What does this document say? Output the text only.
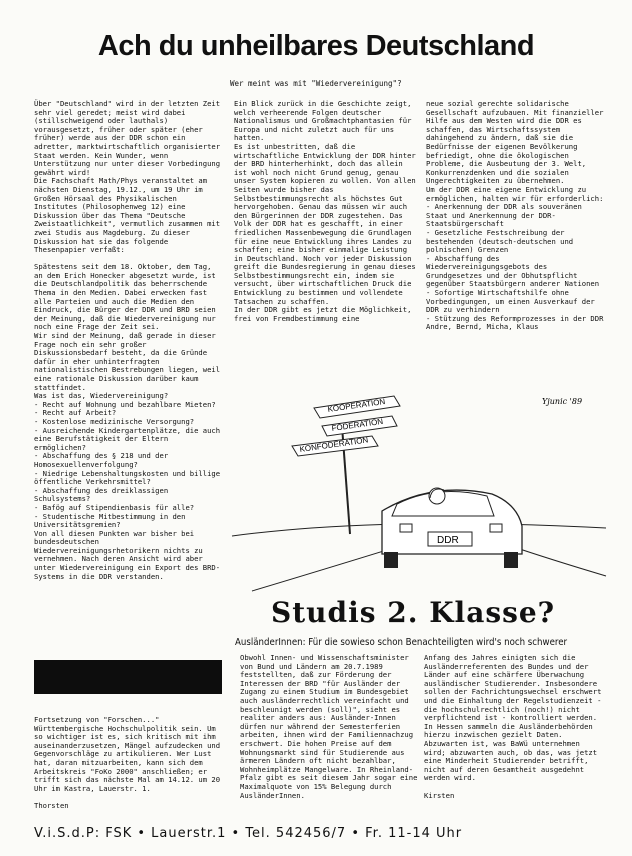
Ach du unheilbares Deutschland
Wer meint was mit "Wiedervereinigung"?
Über "Deutschland" wird in der letzten Zeit sehr viel geredet; meist wird dabei (stillschweigend oder lauthals) vorausgesetzt, früher oder später (eher früher) werde aus der DDR schon ein adretter, marktwirtschaftlich organisierter Staat werden. Kein Wunder, wenn Unterstützung nur unter dieser Vorbedingung gewährt wird!
Die Fachschaft Math/Phys veranstaltet am nächsten Dienstag, 19.12., um 19 Uhr im Großen Hörsaal des Physikalischen Institutes (Philosophenweg 12) eine Diskussion über das Thema "Deutsche Zweistaatlichkeit", vermutlich zusammen mit zwei Studis aus Magdeburg. Zu dieser Diskussion hat sie das folgende Thesenpapier verfaßt:

Spätestens seit dem 18. Oktober, dem Tag, an dem Erich Honecker abgesetzt wurde, ist die Deutschlandpolitik das beherrschende Thema in den Medien. Dabei erwecken fast alle Parteien und auch die Medien den Eindruck, die Bürger der DDR und BRD seien der Meinung, daß die Wiedervereinigung nur noch eine Frage der Zeit sei.
Wir sind der Meinung, daß gerade in dieser Frage noch ein sehr großer Diskussionsbedarf besteht, da die Gründe dafür in eher unhinterfragten nationalistischen Bestrebungen liegen, weil eine rationale Diskussion darüber kaum stattfindet.
Was ist das, Wiedervereinigung?
- Recht auf Wohnung und bezahlbare Mieten?
- Recht auf Arbeit?
- Kostenlose medizinische Versorgung?
- Ausreichende Kindergartenplätze, die auch eine Berufstätigkeit der Eltern ermöglichen?
- Abschaffung des § 218 und der Homosexuellenverfolgung?
- Niedrige Lebenshaltungskosten und billige öffentliche Verkehrsmittel?
- Abschaffung des dreiklassigen Schulsystems?
- Bafög auf Stipendienbasis für alle?
- Studentische Mitbestimmung in den Universitätsgremien?
Von all diesen Punkten war bisher bei bundesdeutschen Wiedervereinigungsrhetorikern nichts zu vernehmen. Nach deren Ansicht wird aber unter Wiedervereinigung ein Export des BRD-Systems in die DDR verstanden.
Ein Blick zurück in die Geschichte zeigt, welch verheerende Folgen deutscher Nationalismus und Großmachtphantasien für Europa und nicht zuletzt auch für uns hatten.
Es ist unbestritten, daß die wirtschaftliche Entwicklung der DDR hinter der BRD hinterherhinkt, doch das allein ist wohl noch nicht Grund genug, genau unser System kopieren zu wollen. Von allen Seiten wurde bisher das Selbstbestimmungsrecht als höchstes Gut hervorgehoben. Genau das müssen wir auch den Bürgerinnen der DDR zugestehen. Das Volk der DDR hat es geschafft, in einer friedlichen Massenbewegung die Grundlagen für eine neue Entwicklung ihres Landes zu schaffen; eine bisher einmalige Leistung in Deutschland. Noch vor jeder Diskussion greift die Bundesregierung in genau dieses Selbstbestimmungsrecht ein, indem sie versucht, über wirtschaftlichen Druck die Entwicklung zu bestimmen und vollendete Tatsachen zu schaffen.
In der DDR gibt es jetzt die Möglichkeit, frei von Fremdbestimmung eine
neue sozial gerechte solidarische Gesellschaft aufzubauen. Mit finanzieller Hilfe aus dem Westen wird die DDR es schaffen, das Wirtschaftssystem dahingehend zu ändern, daß sie die Bedürfnisse der eigenen Bevölkerung befriedigt, ohne die ökologischen Probleme, die Ausbeutung der 3. Welt, Konkurrenzdenken und die sozialen Ungerechtigkeiten zu übernehmen.
Um der DDR eine eigene Entwicklung zu ermöglichen, halten wir für erforderlich:
- Anerkennung der DDR als souveränen Staat und Anerkennung der DDR-Staatsbürgerschaft
- Gesetzliche Festschreibung der bestehenden (deutsch-deutschen und polnischen) Grenzen
- Abschaffung des Wiedervereinigungsgebots des Grundgesetzes und der Obhutspflicht gegenüber Staatsbürgern anderer Nationen
- Sofortige Wirtschaftshilfe ohne Vorbedingungen, um einen Ausverkauf der DDR zu verhindern
- Stützung des Reformprozesses in der DDR
Andre, Bernd, Micha, Klaus
KOOPERATION
FÖDERATION
KONFÖDERATION
DDR
Yjunic '89
Studis 2. Klasse?
AusländerInnen: Für die sowieso schon Benachteiligten wird's noch schwerer
Fortsetzung von "Forschen..."
Württembergische Hochschulpolitik sein. Um so wichtiger ist es, sich kritisch mit ihm auseinanderzusetzen, Mängel aufzudecken und Gegenvorschläge zu artikulieren. Wer Lust hat, daran mitzuarbeiten, kann sich dem Arbeitskreis "FoKo 2000" anschließen; er trifft sich das nächste Mal am 14.12. um 20 Uhr im Kastra, Lauerstr. 1.

Thorsten
Obwohl Innen- und Wissenschaftsminister von Bund und Ländern am 20.7.1989 feststellten, daß zur Förderung der Interessen der BRD "für Ausländer der Zugang zu einem Studium im Bundesgebiet auch ausländerrechtlich vereinfacht und beschleunigt werden (soll)", sieht es realiter anders aus: Ausländer-Innen dürfen nur während der Semesterferien arbeiten, ihnen wird der Familiennachzug erschwert. Die hohen Preise auf dem Wohnungsmarkt sind für Studierende aus ärmeren Ländern oft nicht bezahlbar, Wohnheimplätze Mangelware. In Rheinland-Pfalz gibt es seit diesem Jahr sogar eine Maximalquote von 15% Belegung durch AusländerInnen.
Anfang des Jahres einigten sich die Ausländerreferenten des Bundes und der Länder auf eine schärfere Überwachung ausländischer Studierender. Insbesondere sollen der Fachrichtungswechsel erschwert und die Einhaltung der Regelstudienzeit - die hochschulrechtlich (noch!) nicht verpflichtend ist - kontrolliert werden. In Hessen sammeln die Ausländerbehörden hierzu inzwischen gezielt Daten. Abzuwarten ist, was BaWü unternehmen wird; abzuwarten auch, ob das, was jetzt eine Minderheit Studierender betrifft, nicht auf deren Gesamtheit ausgedehnt werden wird.

Kirsten
V.i.S.d.P: FSK • Lauerstr.1 • Tel. 542456/7 • Fr. 11-14 Uhr
